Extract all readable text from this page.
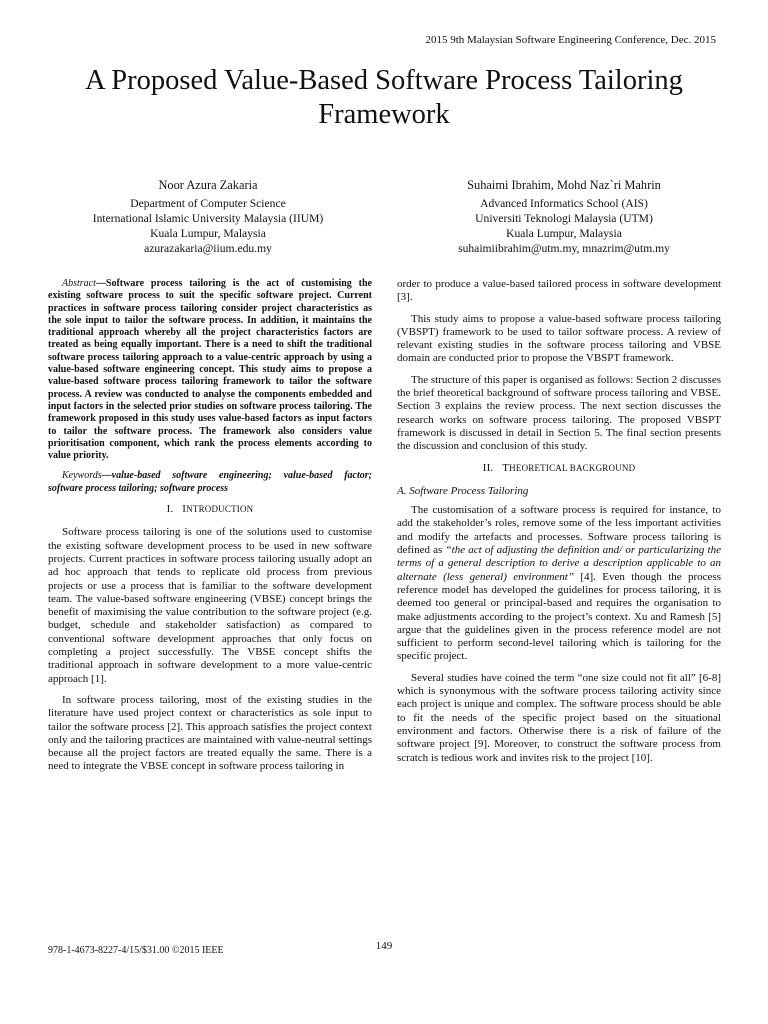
2015 9th Malaysian Software Engineering Conference, Dec. 2015
A Proposed Value-Based Software Process Tailoring Framework
Noor Azura Zakaria
Department of Computer Science
International Islamic University Malaysia (IIUM)
Kuala Lumpur, Malaysia
azurazakaria@iium.edu.my
Suhaimi Ibrahim, Mohd Naz`ri Mahrin
Advanced Informatics School (AIS)
Universiti Teknologi Malaysia (UTM)
Kuala Lumpur, Malaysia
suhaimiibrahim@utm.my, mnazrim@utm.my

Abstract—Software process tailoring is the act of customising the existing software process to suit the specific software project. Current practices in software process tailoring consider project characteristics as the sole input to tailor the software process. In addition, it maintains the traditional approach whereby all the project characteristics factors are treated as being equally important. There is a need to shift the traditional software process tailoring approach to a value-centric approach by using a value-based software engineering concept. This study aims to propose a value-based software process tailoring framework to tailor the software process. A review was conducted to analyse the components embedded and input factors in the selected prior studies on software process tailoring. The framework proposed in this study uses value-based factors as input factors to tailor the software process. The framework also considers value prioritisation component, which rank the process elements according to value priority.

Keywords—value-based software engineering; value-based factor; software process tailoring; software process

I. INTRODUCTION

Software process tailoring is one of the solutions used to customise the existing software development process to be used in new software projects. Current practices in software process tailoring usually adopt an ad hoc approach that tends to replicate old process from previous projects or use a process that is familiar to the software development team. The value-based software engineering (VBSE) concept brings the benefit of maximising the value contribution to the software project (e.g. budget, schedule and stakeholder satisfaction) as compared to conventional software development approaches that only focus on completing a project successfully. The VBSE concept shifts the traditional approach in software development to a more value-centric approach [1].

In software process tailoring, most of the existing studies in the literature have used project context or characteristics as sole input to tailor the software process [2]. This approach satisfies the project context only and the tailoring practices are maintained with value-neutral settings because all the project factors are treated equally the same. There is a need to integrate the VBSE concept in software process tailoring in

order to produce a value-based tailored process in software development [3].

This study aims to propose a value-based software process tailoring (VBSPT) framework to be used to tailor software process. A review of relevant existing studies in the software process tailoring and VBSE domain are conducted prior to propose the VBSPT framework.

The structure of this paper is organised as follows: Section 2 discusses the brief theoretical background of software process tailoring and VBSE. Section 3 explains the review process. The next section discusses the research works on software process tailoring. The proposed VBSPT framework is discussed in detail in Section 5. The final section presents the discussion and conclusion of this study.

II. THEORETICAL BACKGROUND
A. Software Process Tailoring

The customisation of a software process is required for instance, to add the stakeholder’s roles, remove some of the less important activities and modify the artefacts and processes. Software process tailoring is defined as “the act of adjusting the definition and/ or particularizing the terms of a general description to derive a description applicable to an alternate (less general) environment” [4]. Even though the process reference model has developed the guidelines for process tailoring, it is deemed too general or principal-based and requires the organisation to make adjustments according to the project’s context. Xu and Ramesh [5] argue that the guidelines given in the process reference model are not sufficient to perform second-level tailoring which is tailoring for the specific project.

Several studies have coined the term “one size could not fit all” [6-8] which is synonymous with the software process tailoring activity since each project is unique and complex. The software process should be able to fit the needs of the specific project based on the situational environment and factors. Otherwise there is a risk of failure of the software project [9]. Moreover, to construct the software process from scratch is tedious work and invites risk to the project [10].

149
978-1-4673-8227-4/15/$31.00 ©2015 IEEE
